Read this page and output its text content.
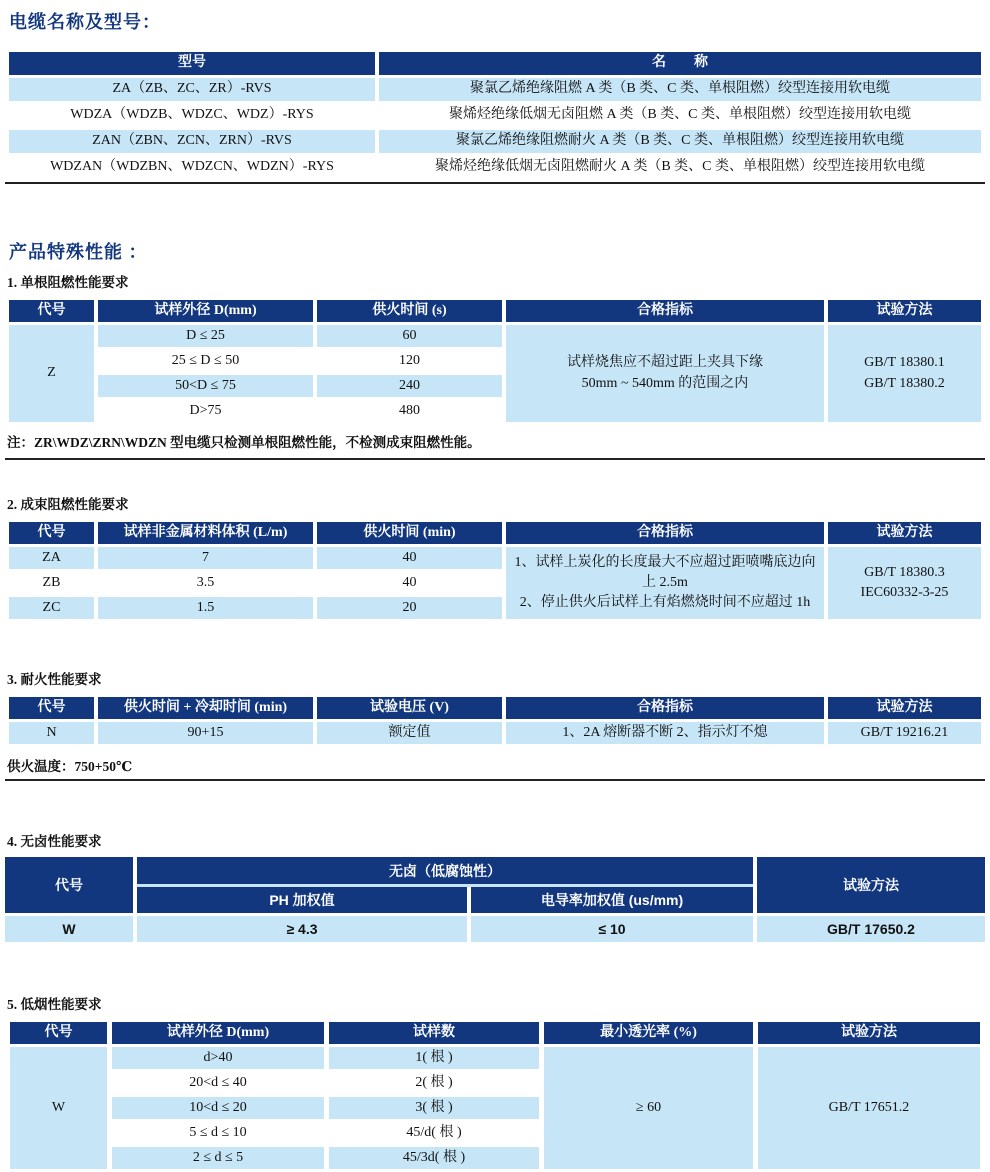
电缆名称及型号：
型号	名　　称
ZA（ZB、ZC、ZR）-RVS	聚氯乙烯绝缘阻燃 A 类（B 类、C 类、单根阻燃）绞型连接用软电缆
WDZA（WDZB、WDZC、WDZ）-RYS	聚烯烃绝缘低烟无卤阻燃 A 类（B 类、C 类、单根阻燃）绞型连接用软电缆
ZAN（ZBN、ZCN、ZRN）-RVS	聚氯乙烯绝缘阻燃耐火 A 类（B 类、C 类、单根阻燃）绞型连接用软电缆
WDZAN（WDZBN、WDZCN、WDZN）-RYS	聚烯烃绝缘低烟无卤阻燃耐火 A 类（B 类、C 类、单根阻燃）绞型连接用软电缆
产品特殊性能 ：
1. 单根阻燃性能要求
代号	试样外径 D(mm)	供火时间 (s)	合格指标	试验方法
Z	D ≤ 25	60	
试样烧焦应不超过距上夹具下缘
50mm ~ 540mm 的范围之内

GB/T 18380.1
GB/T 18380.2

	25 ≤ D ≤ 50	120		
	50<D ≤ 75	240		
	D>75	480		
注：ZR\WDZ\ZRN\WDZN 型电缆只检测单根阻燃性能，不检测成束阻燃性能。
2. 成束阻燃性能要求
代号	试样非金属材料体积 (L/m)	供火时间 (min)	合格指标	试验方法
ZA	7	40	1、试样上炭化的长度最大不应超过距喷嘴底边向上 2.5m
2、停止供火后试样上有焰燃烧时间不应超过 1h

GB/T 18380.3
IEC60332-3-25

ZB	3.5	40		
ZC	1.5	20		
3. 耐火性能要求
代号	供火时间 + 冷却时间 (min)	试验电压 (V)	合格指标	试验方法
N	90+15	额定值	1、2A 熔断器不断 2、指示灯不熄	GB/T 19216.21
供火温度：750+50℃
4. 无卤性能要求
代号
无卤（低腐蚀性）
PH 加权值	电导率加权值 (us/mm)
试验方法
W	≥ 4.3	≤ 10	GB/T 17650.2
5. 低烟性能要求
代号	试样外径 D(mm)	试样数	最小透光率 (%)	试验方法
W	d>40	1( 根 )	≥ 60	GB/T 17651.2
	20<d ≤ 40	2( 根 )		
	10<d ≤ 20	3( 根 )		
	5 ≤ d ≤ 10	45/d( 根 )		
	2 ≤ d ≤ 5	45/3d( 根 )		
